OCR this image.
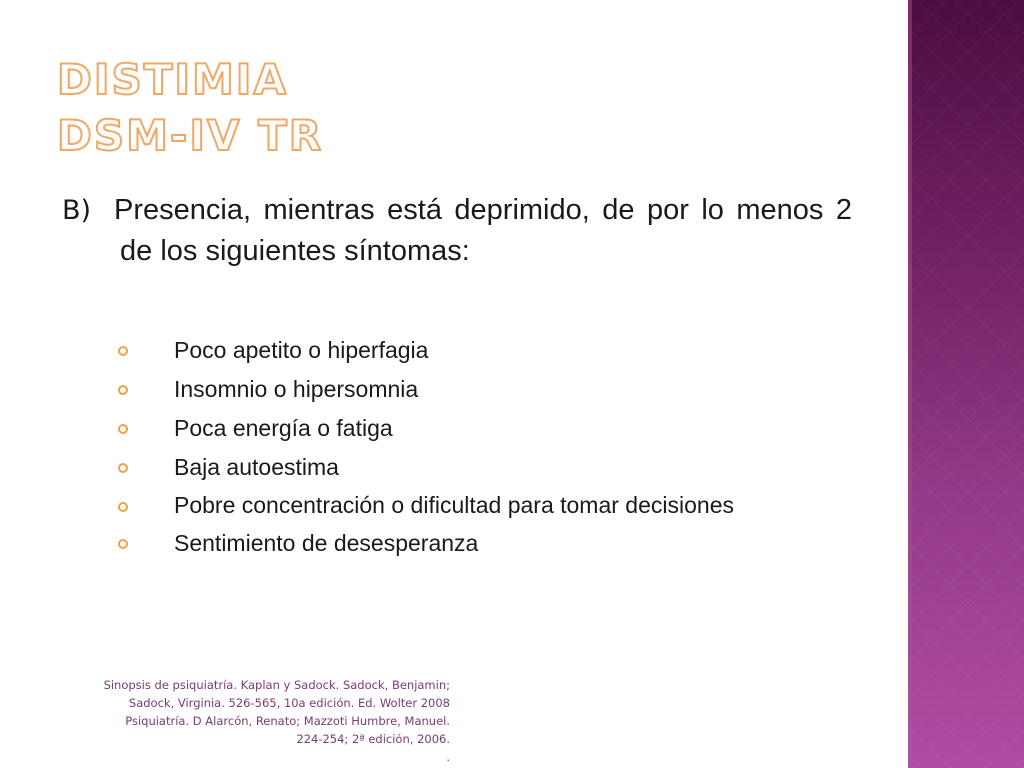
DISTIMIA
DSM-IV TR

B) Presencia, mientras está deprimido, de por lo menos 2 de los siguientes síntomas:

Poco apetito o hiperfagia
Insomnio o hipersomnia
Poca energía o fatiga
Baja autoestima
Pobre concentración o dificultad para tomar decisiones
Sentimiento de desesperanza

Sinopsis de psiquiatría. Kaplan y Sadock. Sadock, Benjamin;
Sadock, Virginia. 526-565, 10a edición. Ed. Wolter 2008
Psiquiatría. D Alarcón, Renato; Mazzoti Humbre, Manuel.
224-254; 2ª edición, 2006.
.
